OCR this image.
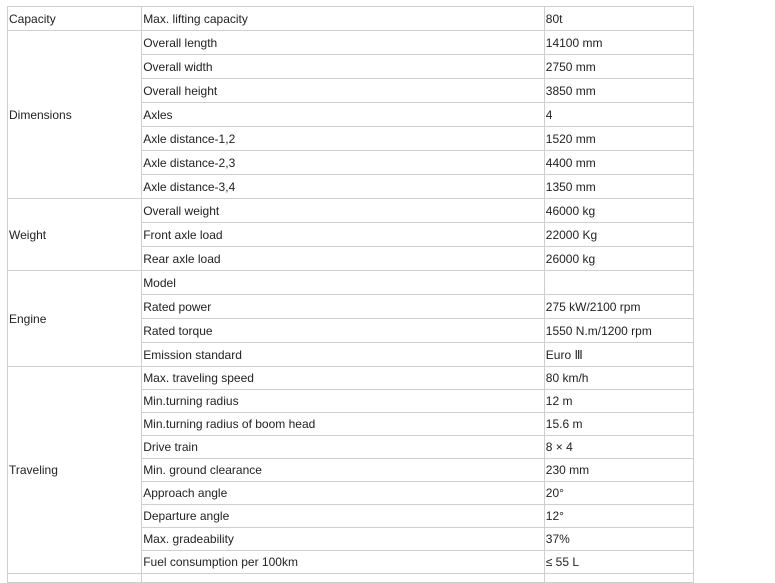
Capacity	Max. lifting capacity	80t
Dimensions	Overall length	14100 mm
	Overall width	2750 mm
	Overall height	3850 mm
	Axles	4
	Axle distance-1,2	1520 mm
	Axle distance-2,3	4400 mm
	Axle distance-3,4	1350 mm
Weight	Overall weight	46000 kg
	Front axle load	22000 Kg
	Rear axle load	26000 kg
Engine	Model	
	Rated power	275 kW/2100 rpm
	Rated torque	1550 N.m/1200 rpm
	Emission standard	Euro Ⅲ
Traveling	Max. traveling speed	80 km/h
	Min.turning radius	12 m
	Min.turning radius of boom head	15.6 m
	Drive train	8 × 4
	Min. ground clearance	230 mm
	Approach angle	20°
	Departure angle	12°
	Max. gradeability	37%
	Fuel consumption per 100km	≤ 55 L
